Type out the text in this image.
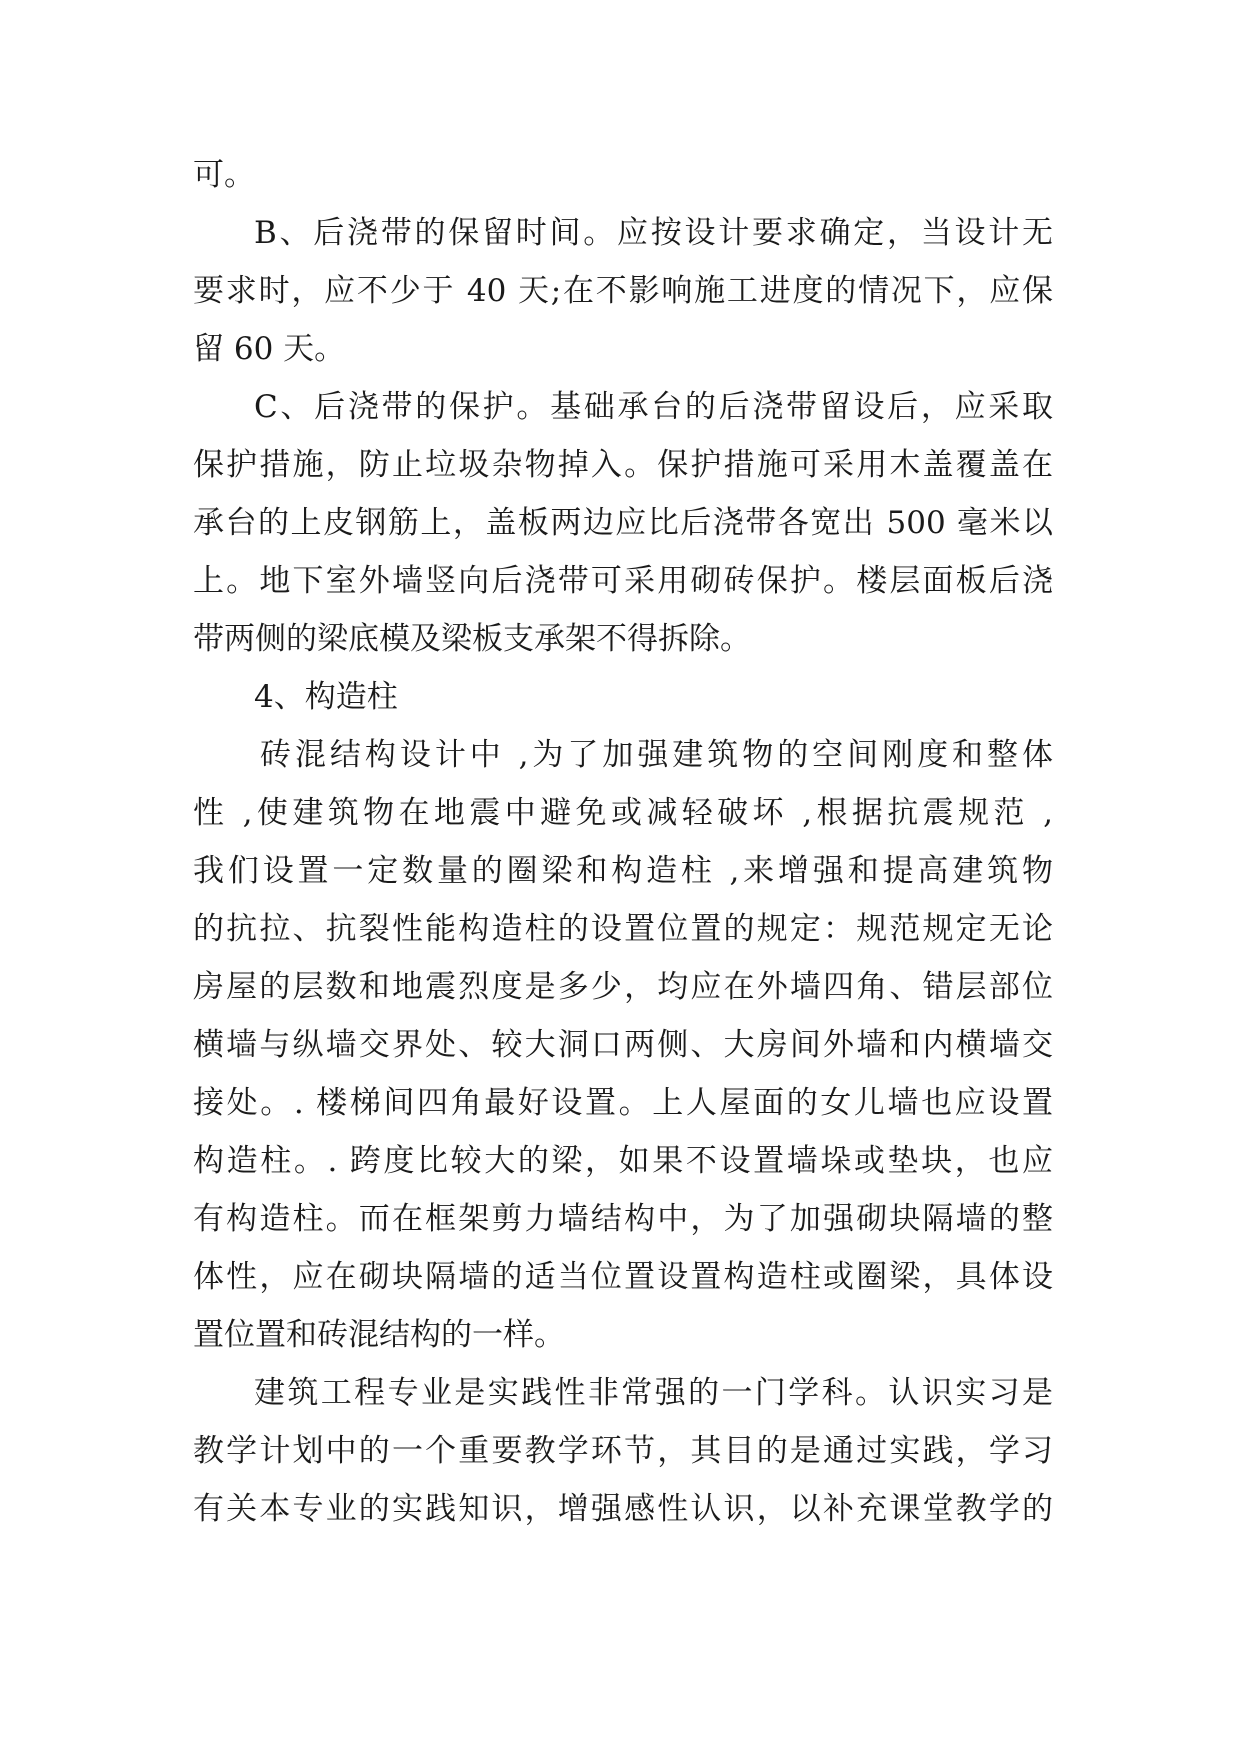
可。
B、后浇带的保留时间。应按设计要求确定，当设计无
要求时，应不少于 40 天;在不影响施工进度的情况下，应保
留 60 天。
C、后浇带的保护。基础承台的后浇带留设后，应采取
保护措施，防止垃圾杂物掉入。保护措施可采用木盖覆盖在
承台的上皮钢筋上，盖板两边应比后浇带各宽出 500 毫米以
上。地下室外墙竖向后浇带可采用砌砖保护。楼层面板后浇
带两侧的梁底模及梁板支承架不得拆除。
4、构造柱
砖混结构设计中 ,为了加强建筑物的空间刚度和整体
性 ,使建筑物在地震中避免或减轻破坏 ,根据抗震规范 ,
我们设置一定数量的圈梁和构造柱 ,来增强和提高建筑物
的抗拉、抗裂性能构造柱的设置位置的规定：规范规定无论
房屋的层数和地震烈度是多少，均应在外墙四角、错层部位
横墙与纵墙交界处、较大洞口两侧、大房间外墙和内横墙交
接处。. 楼梯间四角最好设置。上人屋面的女儿墙也应设置
构造柱。. 跨度比较大的梁，如果不设置墙垛或垫块，也应
有构造柱。而在框架剪力墙结构中，为了加强砌块隔墙的整
体性，应在砌块隔墙的适当位置设置构造柱或圈梁，具体设
置位置和砖混结构的一样。
建筑工程专业是实践性非常强的一门学科。认识实习是
教学计划中的一个重要教学环节，其目的是通过实践，学习
有关本专业的实践知识，增强感性认识，以补充课堂教学的
